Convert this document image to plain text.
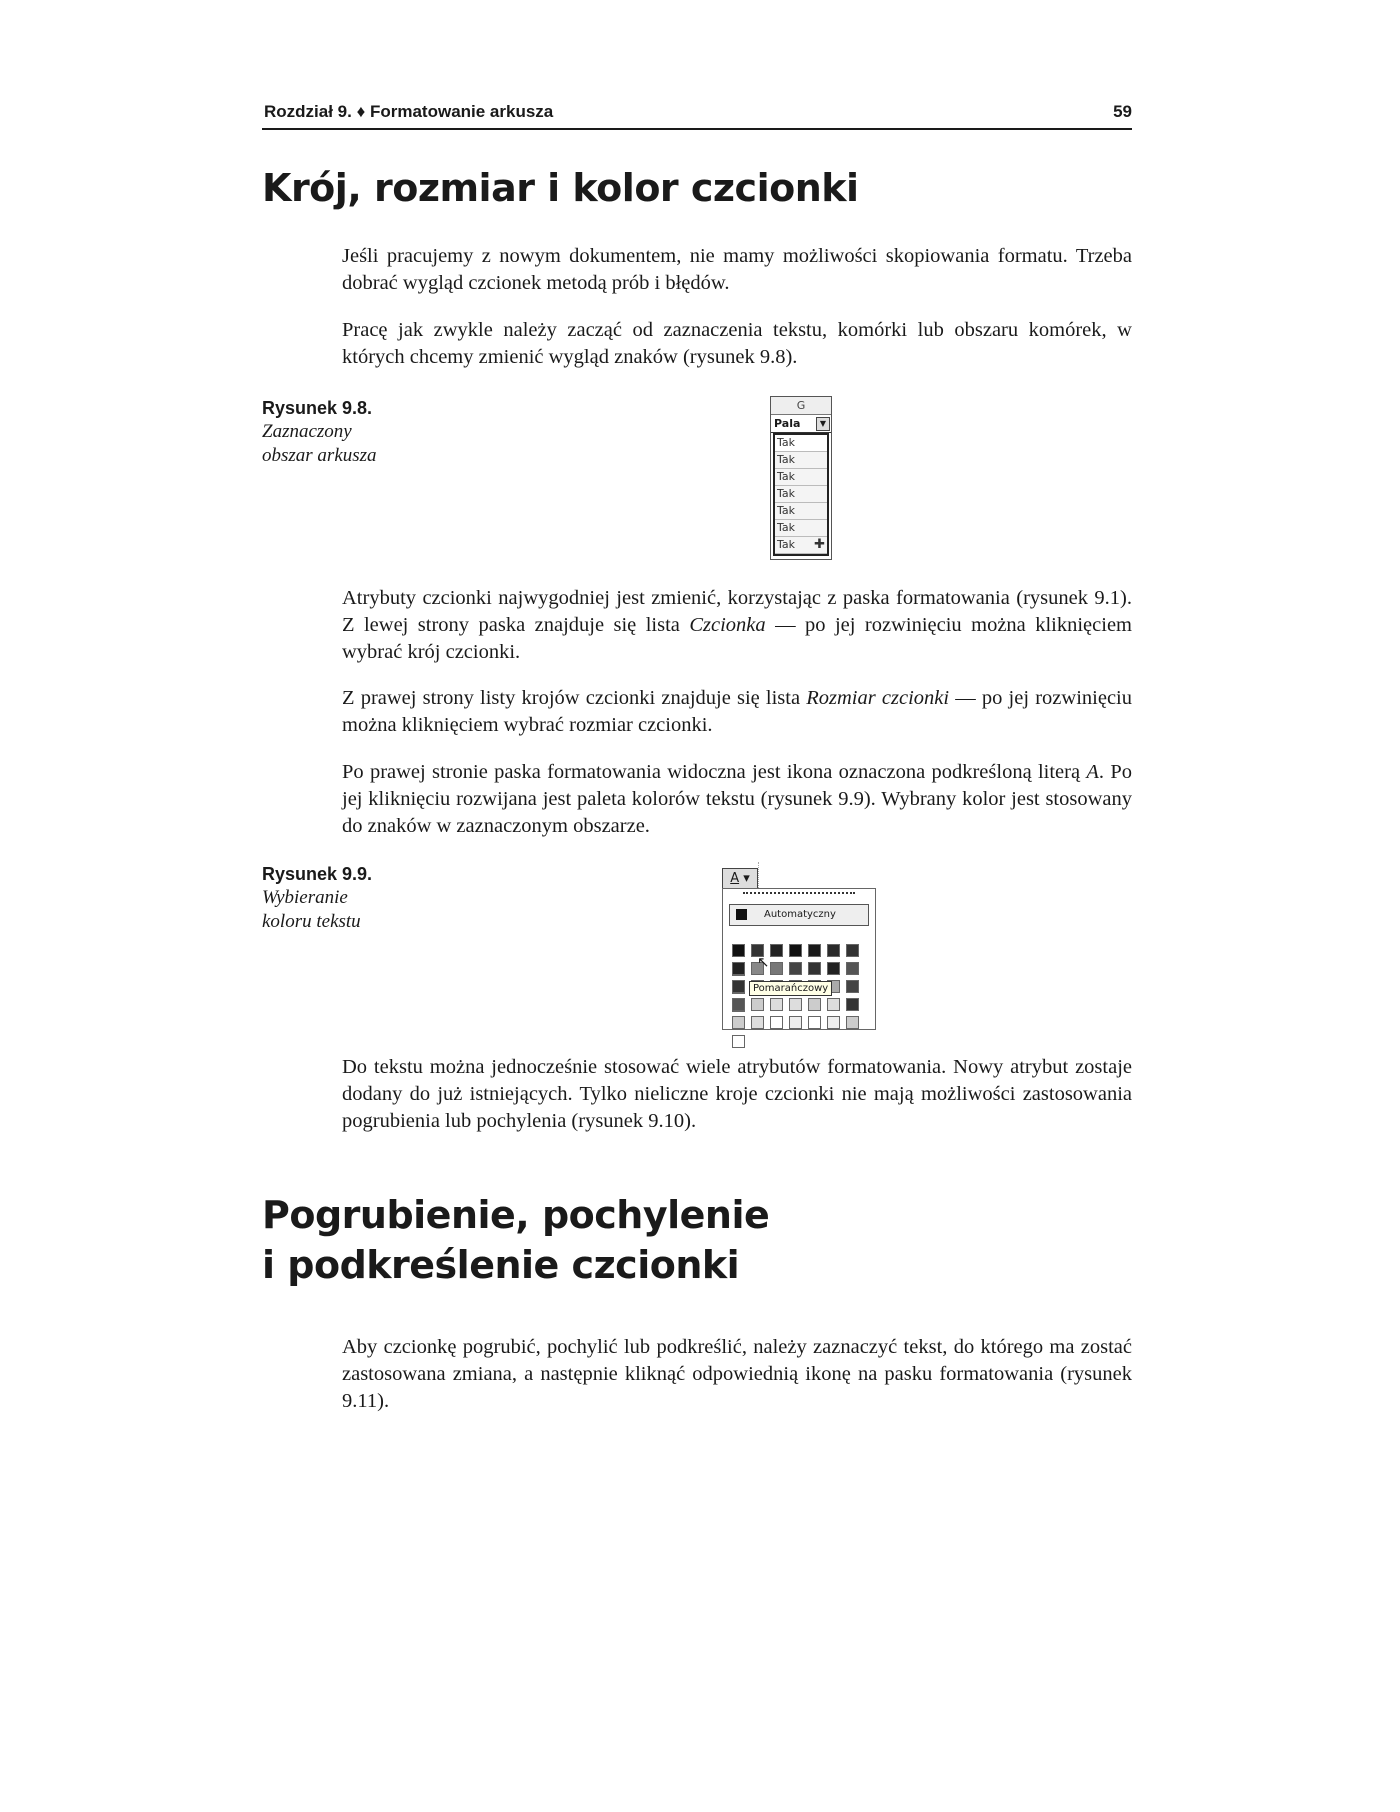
Rozdział 9. ♦ Formatowanie arkusza	59
Krój, rozmiar i kolor czcionki

Jeśli pracujemy z nowym dokumentem, nie mamy możliwości skopiowania formatu. Trzeba dobrać wygląd czcionek metodą prób i błędów.

Pracę jak zwykle należy zacząć od zaznaczenia tekstu, komórki lub obszaru komórek, w których chcemy zmienić wygląd znaków (rysunek 9.8).

Rysunek 9.8.
Zaznaczony
obszar arkusza
G
Pala	▼
Tak
Tak
Tak
Tak
Tak
Tak
Tak ✚

Atrybuty czcionki najwygodniej jest zmienić, korzystając z paska formatowania (rysunek 9.1). Z lewej strony paska znajduje się lista Czcionka — po jej rozwinięciu można kliknięciem wybrać krój czcionki.

Z prawej strony listy krojów czcionki znajduje się lista Rozmiar czcionki — po jej rozwinięciu można kliknięciem wybrać rozmiar czcionki.

Po prawej stronie paska formatowania widoczna jest ikona oznaczona podkreśloną literą A. Po jej kliknięciu rozwijana jest paleta kolorów tekstu (rysunek 9.9). Wybrany kolor jest stosowany do znaków w zaznaczonym obszarze.

Rysunek 9.9.
Wybieranie
koloru tekstu
A ▾
Automatyczny
↖
Pomarańczowy

Do tekstu można jednocześnie stosować wiele atrybutów formatowania. Nowy atrybut zostaje dodany do już istniejących. Tylko nieliczne kroje czcionki nie mają możliwości zastosowania pogrubienia lub pochylenia (rysunek 9.10).

Pogrubienie, pochylenie
i podkreślenie czcionki

Aby czcionkę pogrubić, pochylić lub podkreślić, należy zaznaczyć tekst, do którego ma zostać zastosowana zmiana, a następnie kliknąć odpowiednią ikonę na pasku formatowania (rysunek 9.11).
